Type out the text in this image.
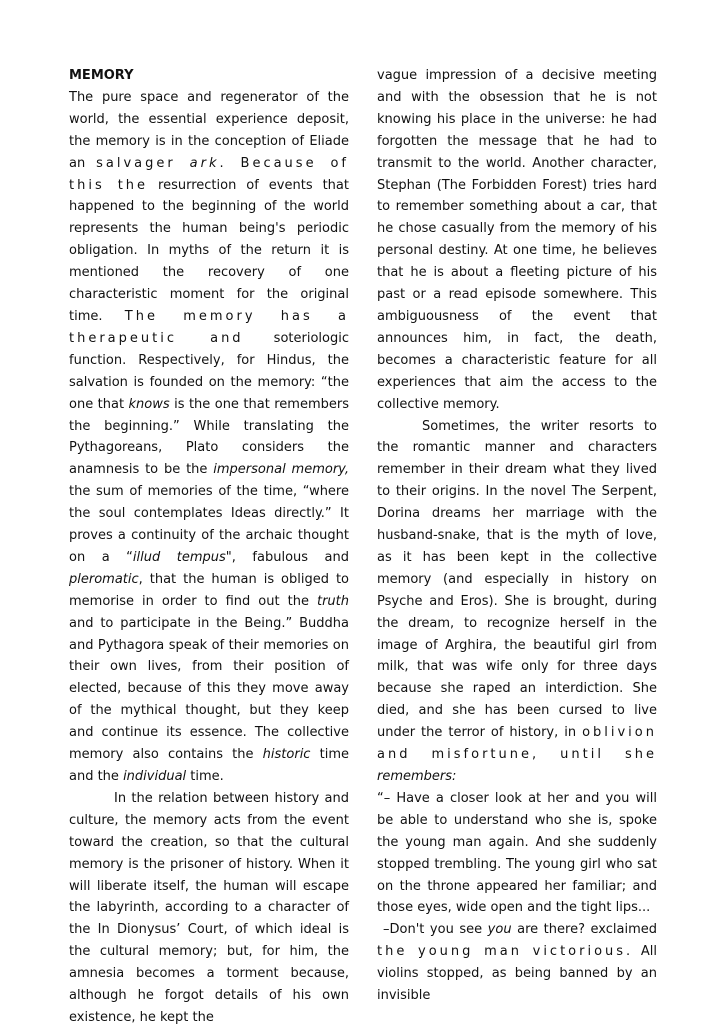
MEMORY

The pure space and regenerator of the world, the essential experience deposit, the memory is in the conception of Eliade an salvager ark. Because of this the resurrection of events that happened to the beginning of the world represents the human being's periodic obligation. In myths of the return it is mentioned the recovery of one characteristic moment for the original time. The memory has a therapeutic and soteriologic function. Respectively, for Hindus, the salvation is founded on the memory: “the one that knows is the one that remembers the beginning.” While translating the Pythagoreans, Plato considers the anamnesis to be the impersonal memory, the sum of memories of the time, “where the soul contemplates Ideas directly.” It proves a continuity of the archaic thought on a “illud tempus", fabulous and pleromatic, that the human is obliged to memorise in order to find out the truth and to participate in the Being.” Buddha and Pythagora speak of their memories on their own lives, from their position of elected, because of this they move away of the mythical thought, but they keep and continue its essence. The collective memory also contains the historic time and the individual time.

In the relation between history and culture, the memory acts from the event toward the creation, so that the cultural memory is the prisoner of history. When it will liberate itself, the human will escape the labyrinth, according to a character of the In Dionysus’ Court, of which ideal is the cultural memory; but, for him, the amnesia becomes a torment because, although he forgot details of his own existence, he kept the

vague impression of a decisive meeting and with the obsession that he is not knowing his place in the universe: he had forgotten the message that he had to transmit to the world. Another character, Stephan (The Forbidden Forest) tries hard to remember something about a car, that he chose casually from the memory of his personal destiny. At one time, he believes that he is about a fleeting picture of his past or a read episode somewhere. This ambiguousness of the event that announces him, in fact, the death, becomes a characteristic feature for all experiences that aim the access to the collective memory.

Sometimes, the writer resorts to the romantic manner and characters remember in their dream what they lived to their origins. In the novel The Serpent, Dorina dreams her marriage with the husband-snake, that is the myth of love, as it has been kept in the collective memory (and especially in history on Psyche and Eros). She is brought, during the dream, to recognize herself in the image of Arghira, the beautiful girl from milk, that was wife only for three days because she raped an interdiction. She died, and she has been cursed to live under the terror of history, in oblivion and misfortune, until she remembers:

“– Have a closer look at her and you will be able to understand who she is, spoke the young man again. And she suddenly stopped trembling. The young girl who sat on the throne appeared her familiar; and those eyes, wide open and the tight lips...

–Don't you see you are there? exclaimed the young man victorious. All violins stopped, as being banned by an invisible
